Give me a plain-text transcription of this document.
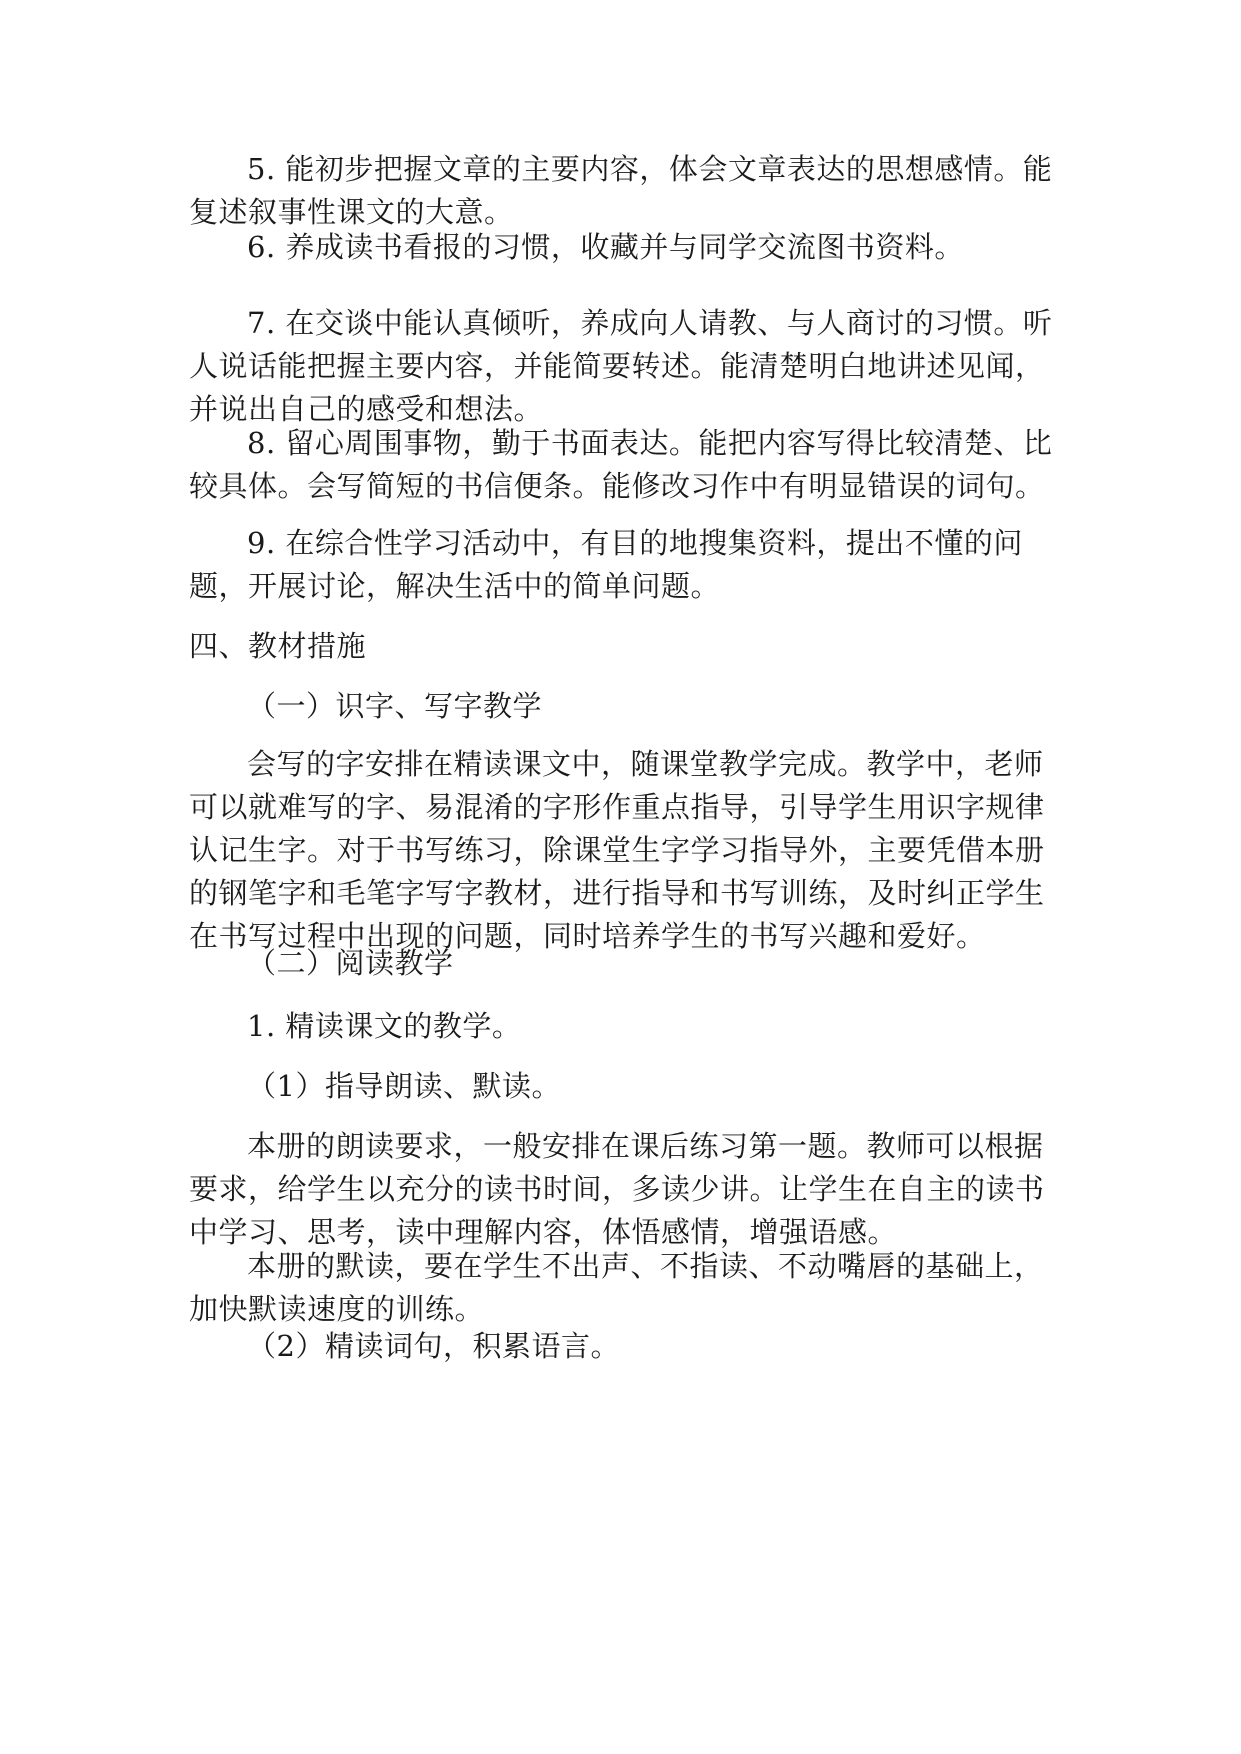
5. 能初步把握文章的主要内容，体会文章表达的思想感情。能复述叙事性课文的大意。

6. 养成读书看报的习惯，收藏并与同学交流图书资料。

7. 在交谈中能认真倾听，养成向人请教、与人商讨的习惯。听人说话能把握主要内容，并能简要转述。能清楚明白地讲述见闻，并说出自己的感受和想法。

8. 留心周围事物，勤于书面表达。能把内容写得比较清楚、比较具体。会写简短的书信便条。能修改习作中有明显错误的词句。

9. 在综合性学习活动中，有目的地搜集资料，提出不懂的问题，开展讨论，解决生活中的简单问题。

四、教材措施

（一）识字、写字教学

会写的字安排在精读课文中，随课堂教学完成。教学中，老师可以就难写的字、易混淆的字形作重点指导，引导学生用识字规律认记生字。对于书写练习，除课堂生字学习指导外，主要凭借本册的钢笔字和毛笔字写字教材，进行指导和书写训练，及时纠正学生在书写过程中出现的问题，同时培养学生的书写兴趣和爱好。

（二）阅读教学

1. 精读课文的教学。

（1）指导朗读、默读。

本册的朗读要求，一般安排在课后练习第一题。教师可以根据要求，给学生以充分的读书时间，多读少讲。让学生在自主的读书中学习、思考，读中理解内容，体悟感情，增强语感。

本册的默读，要在学生不出声、不指读、不动嘴唇的基础上，加快默读速度的训练。

（2）精读词句，积累语言。
